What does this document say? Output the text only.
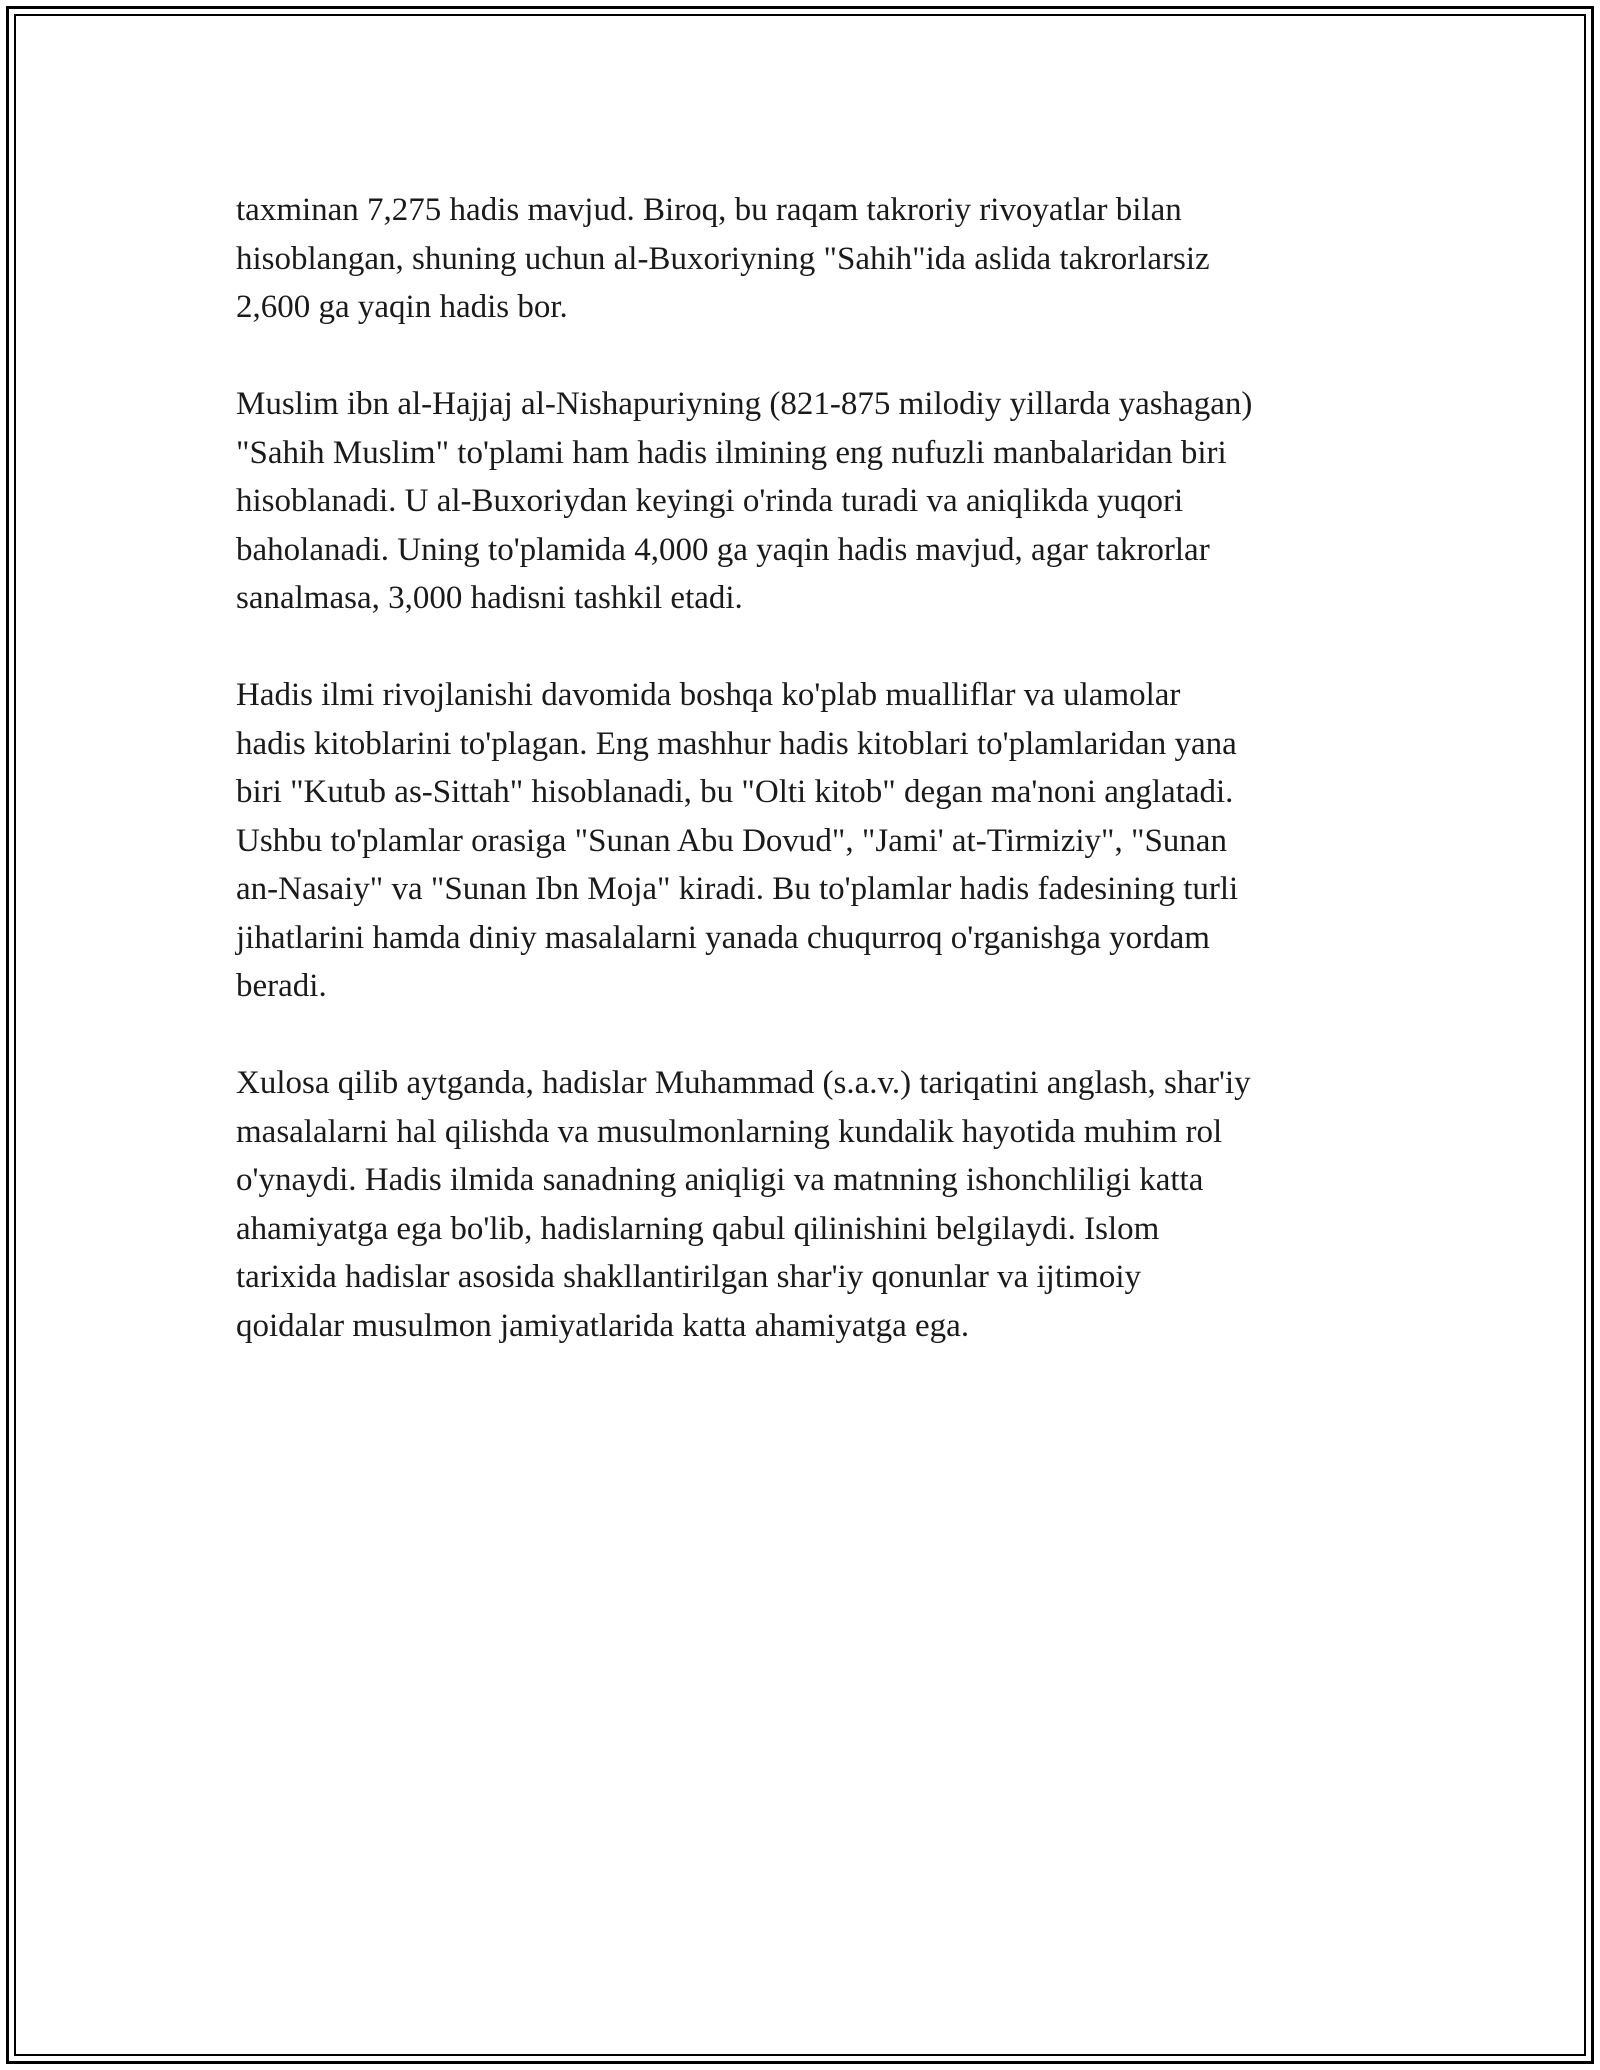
taxminan 7,275 hadis mavjud. Biroq, bu raqam takroriy rivoyatlar bilan
hisoblangan, shuning uchun al-Buxoriyning "Sahih"ida aslida takrorlarsiz
2,600 ga yaqin hadis bor.

Muslim ibn al-Hajjaj al-Nishapuriyning (821-875 milodiy yillarda yashagan)
"Sahih Muslim" to'plami ham hadis ilmining eng nufuzli manbalaridan biri
hisoblanadi. U al-Buxoriydan keyingi o'rinda turadi va aniqlikda yuqori
baholanadi. Uning to'plamida 4,000 ga yaqin hadis mavjud, agar takrorlar
sanalmasa, 3,000 hadisni tashkil etadi.

Hadis ilmi rivojlanishi davomida boshqa ko'plab mualliflar va ulamolar
hadis kitoblarini to'plagan. Eng mashhur hadis kitoblari to'plamlaridan yana
biri "Kutub as-Sittah" hisoblanadi, bu "Olti kitob" degan ma'noni anglatadi.
Ushbu to'plamlar orasiga "Sunan Abu Dovud", "Jami' at-Tirmiziy", "Sunan
an-Nasaiy" va "Sunan Ibn Moja" kiradi. Bu to'plamlar hadis fadesining turli
jihatlarini hamda diniy masalalarni yanada chuqurroq o'rganishga yordam
beradi.

Xulosa qilib aytganda, hadislar Muhammad (s.a.v.) tariqatini anglash, shar'iy
masalalarni hal qilishda va musulmonlarning kundalik hayotida muhim rol
o'ynaydi. Hadis ilmida sanadning aniqligi va matnning ishonchliligi katta
ahamiyatga ega bo'lib, hadislarning qabul qilinishini belgilaydi. Islom
tarixida hadislar asosida shakllantirilgan shar'iy qonunlar va ijtimoiy
qoidalar musulmon jamiyatlarida katta ahamiyatga ega.
